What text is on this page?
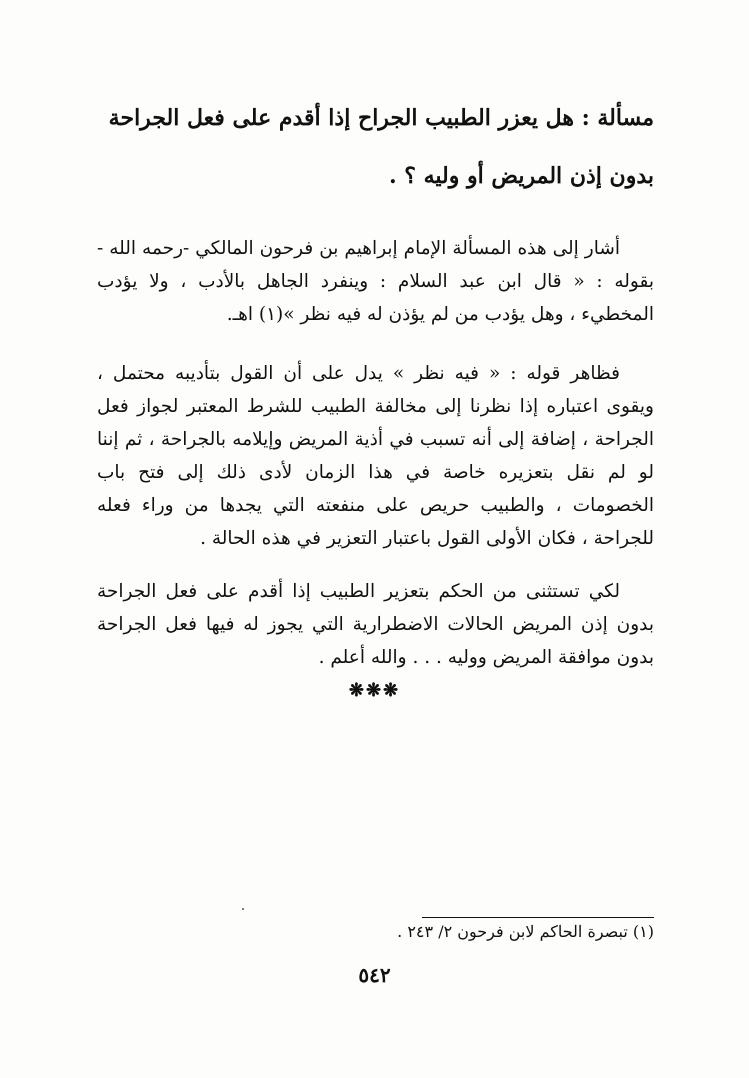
مسألة : هل يعزر الطبيب الجراح إذا أقدم على فعل الجراحة
بدون إذن المريض أو وليه ؟ .

أشار إلى هذه المسألة الإمام إبراهيم بن فرحون المالكي -رحمه الله - بقوله : « قال ابن عبد السلام : وينفرد الجاهل بالأدب ، ولا يؤدب المخطيء ، وهل يؤدب من لم يؤذن له فيه نظر »(١) اهـ.

فظاهر قوله : « فيه نظر » يدل على أن القول بتأديبه محتمل ، ويقوى اعتباره إذا نظرنا إلى مخالفة الطبيب للشرط المعتبر لجواز فعل الجراحة ، إضافة إلى أنه تسبب في أذية المريض وإيلامه بالجراحة ، ثم إننا لو لم نقل بتعزيره خاصة في هذا الزمان لأدى ذلك إلى فتح باب الخصومات ، والطبيب حريص على منفعته التي يجدها من وراء فعله للجراحة ، فكان الأولى القول باعتبار التعزير في هذه الحالة .

لكي تستثنى من الحكم بتعزير الطبيب إذا أقدم على فعل الجراحة بدون إذن المريض الحالات الاضطرارية التي يجوز له فيها فعل الجراحة بدون موافقة المريض ووليه . . . والله أعلم .

❋❋❋
(١) تبصرة الحاكم لابن فرحون ٢/ ٢٤٣ .
٥٤٢
